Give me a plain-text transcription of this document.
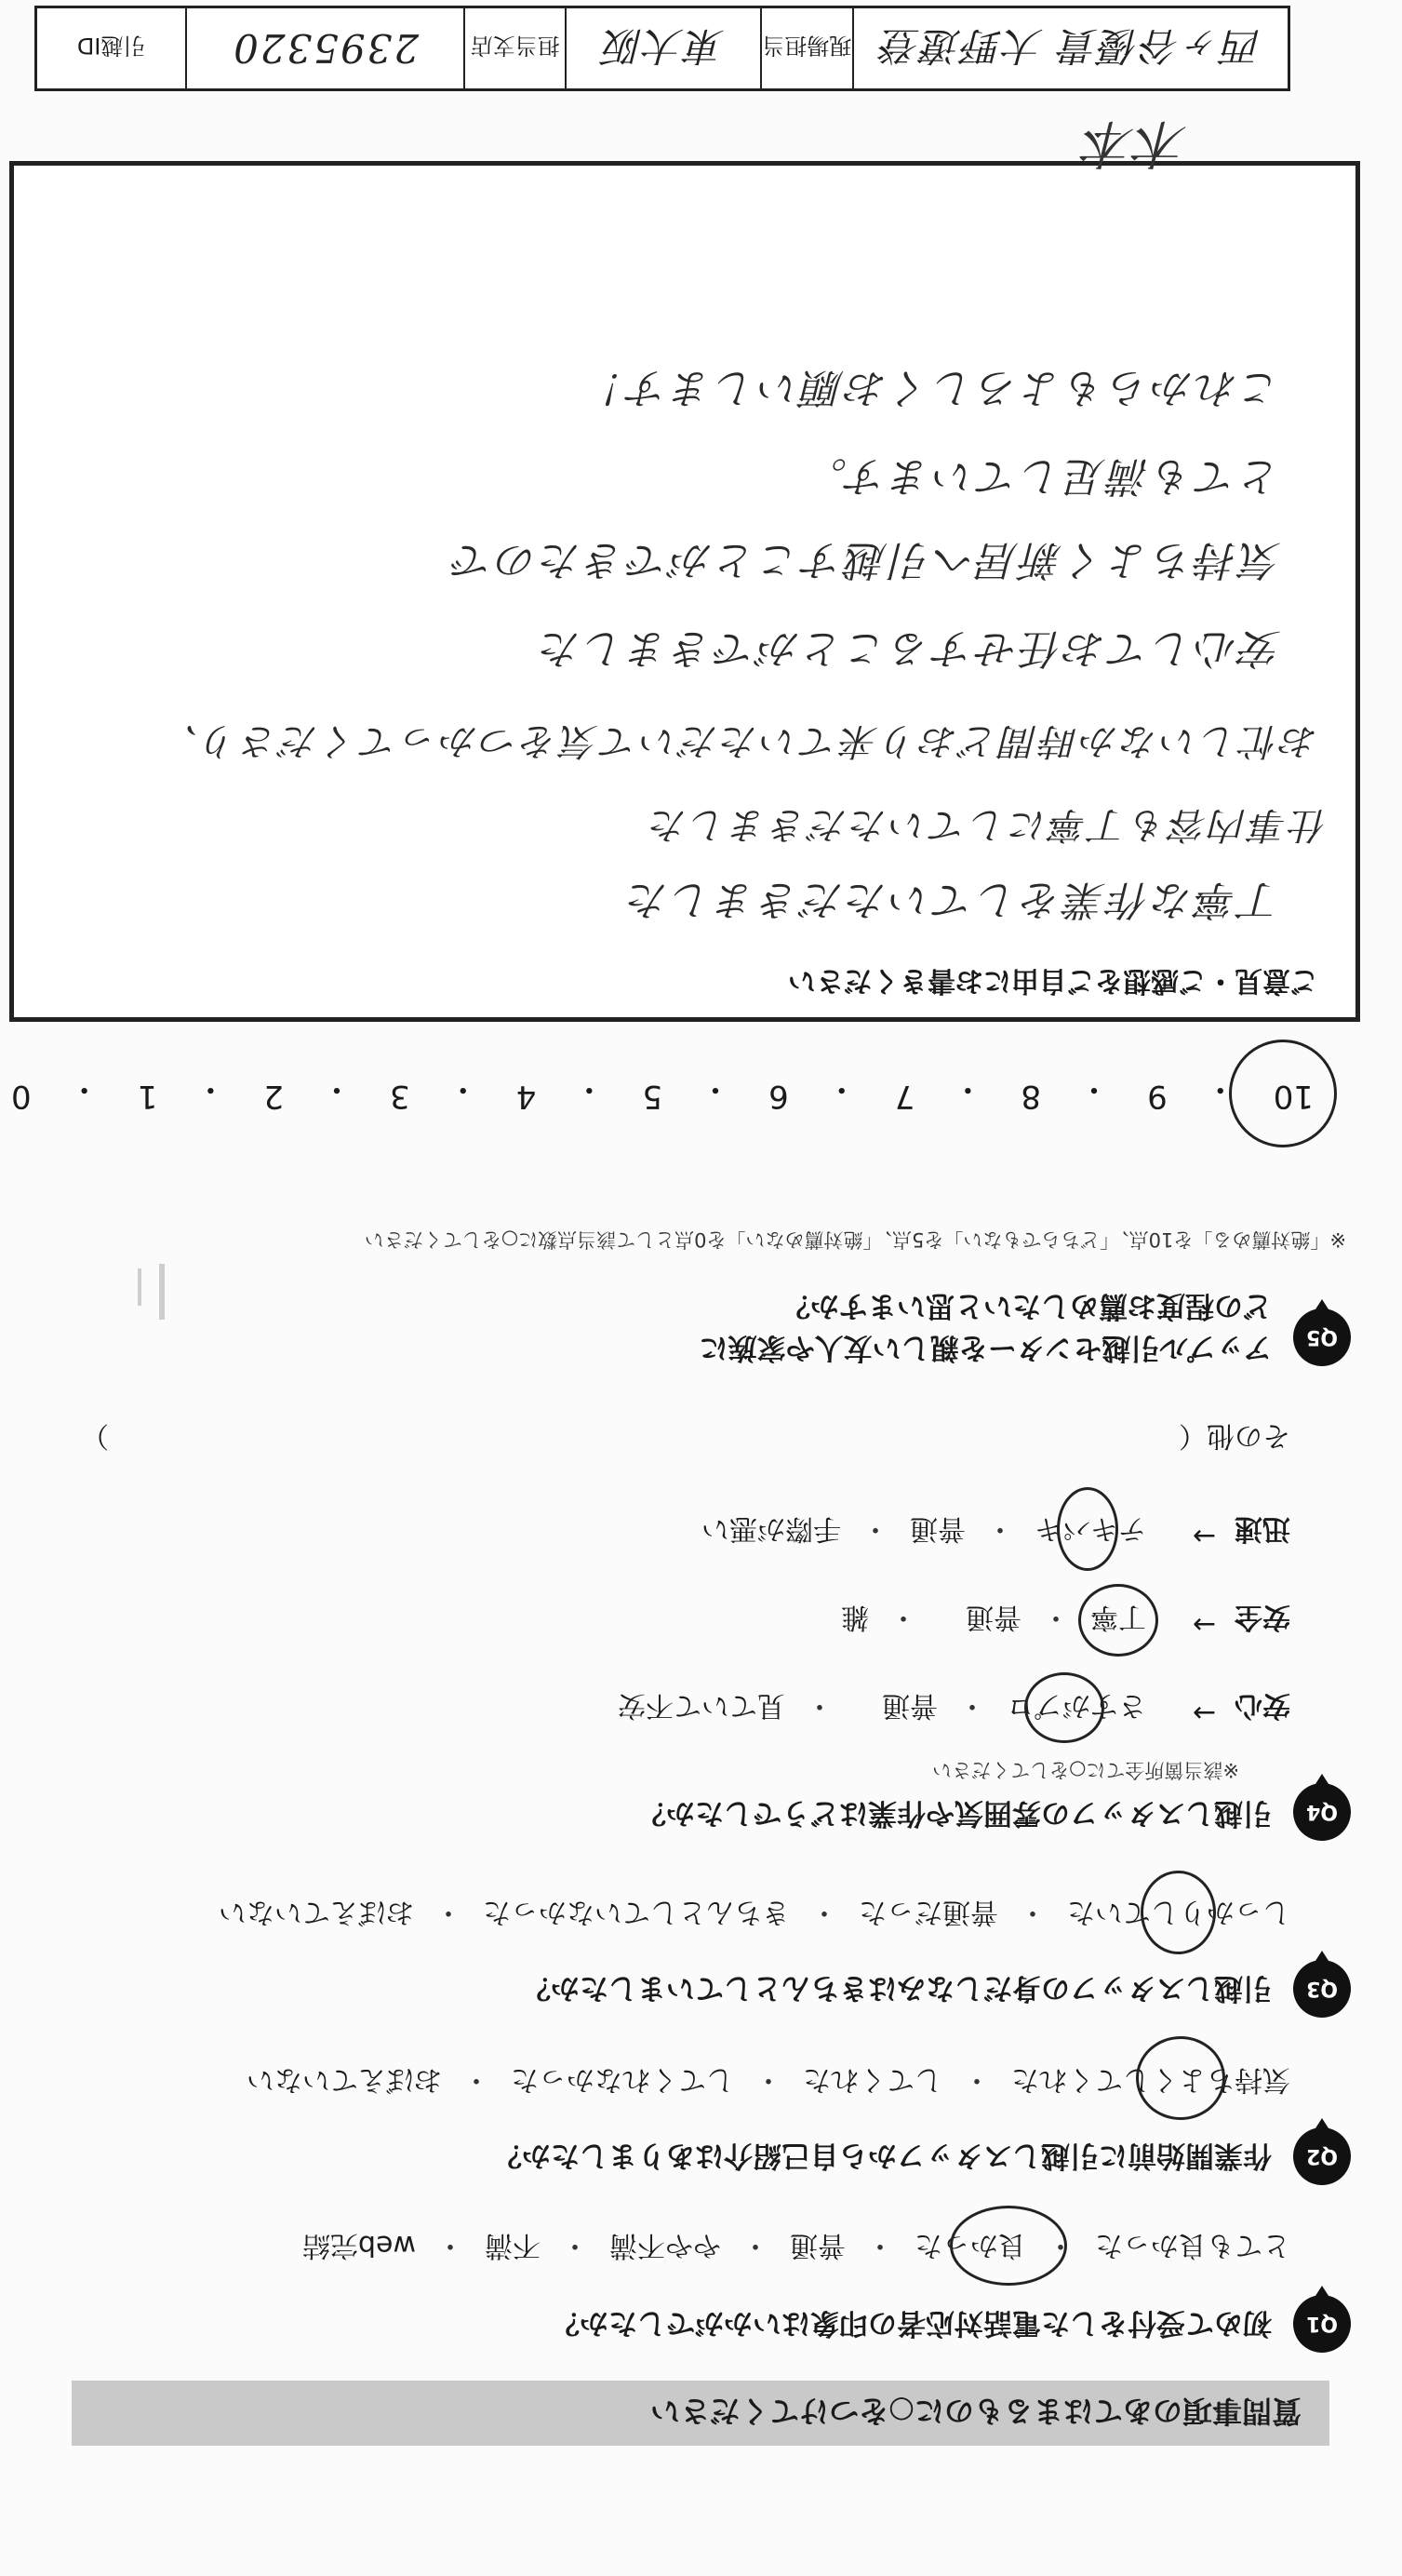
質問事項のあてはまるものに○をつけてください
Q1
初めて受付をした電話対応者の印象はいかがでしたか？
とても良かった
・
良かった
・
普通
・
やや不満
・
不満
・
web完結
Q2
作業開始前に引越しスタッフから自己紹介はありましたか？
気持ちよくしてくれた
・
してくれた
・
してくれなかった
・
おぼえていない
Q3
引越しスタッフの身だしなみはきちんとしていましたか？
しっかりしていた
・
普通だった
・
きちんとしていなかった
・
おぼえていない
Q4
引越しスタッフの雰囲気や作業はどうでしたか？
※該当箇所全てに○をしてください
安心
→
さすがプロ
・
普通
　・
見ていて不安
安全
→
丁寧
・
普通
　・
雑
迅速
→
テキパキ
・
普通
・
手際が悪い
その他（
）
Q5
アップル引越センターを親しい友人や家族に
どの程度お薦めしたいと思いますか？
※「絶対薦める」を10点、「どちらでもない」を5点、「絶対薦めない」を0点として該当点数に○をしてください
10
・
9
・
8
・
7
・
6
・
5
・
4
・
3
・
2
・
1
・
0
ご意見・ご感想をご自由にお書きください
丁寧な作業をしていただきました
仕事内容も丁寧にしていただきました
お忙しいなか時間どおり来ていただいて気をつかってくださり、
安心してお任せすることができました
気持ちよく新居へ引越すことができたので
とても満足しています。
これからもよろしくお願いします！
木本
西ヶ谷優貴 大野遼登
現場担当
東大阪
担当支店
2395320
引越ID
